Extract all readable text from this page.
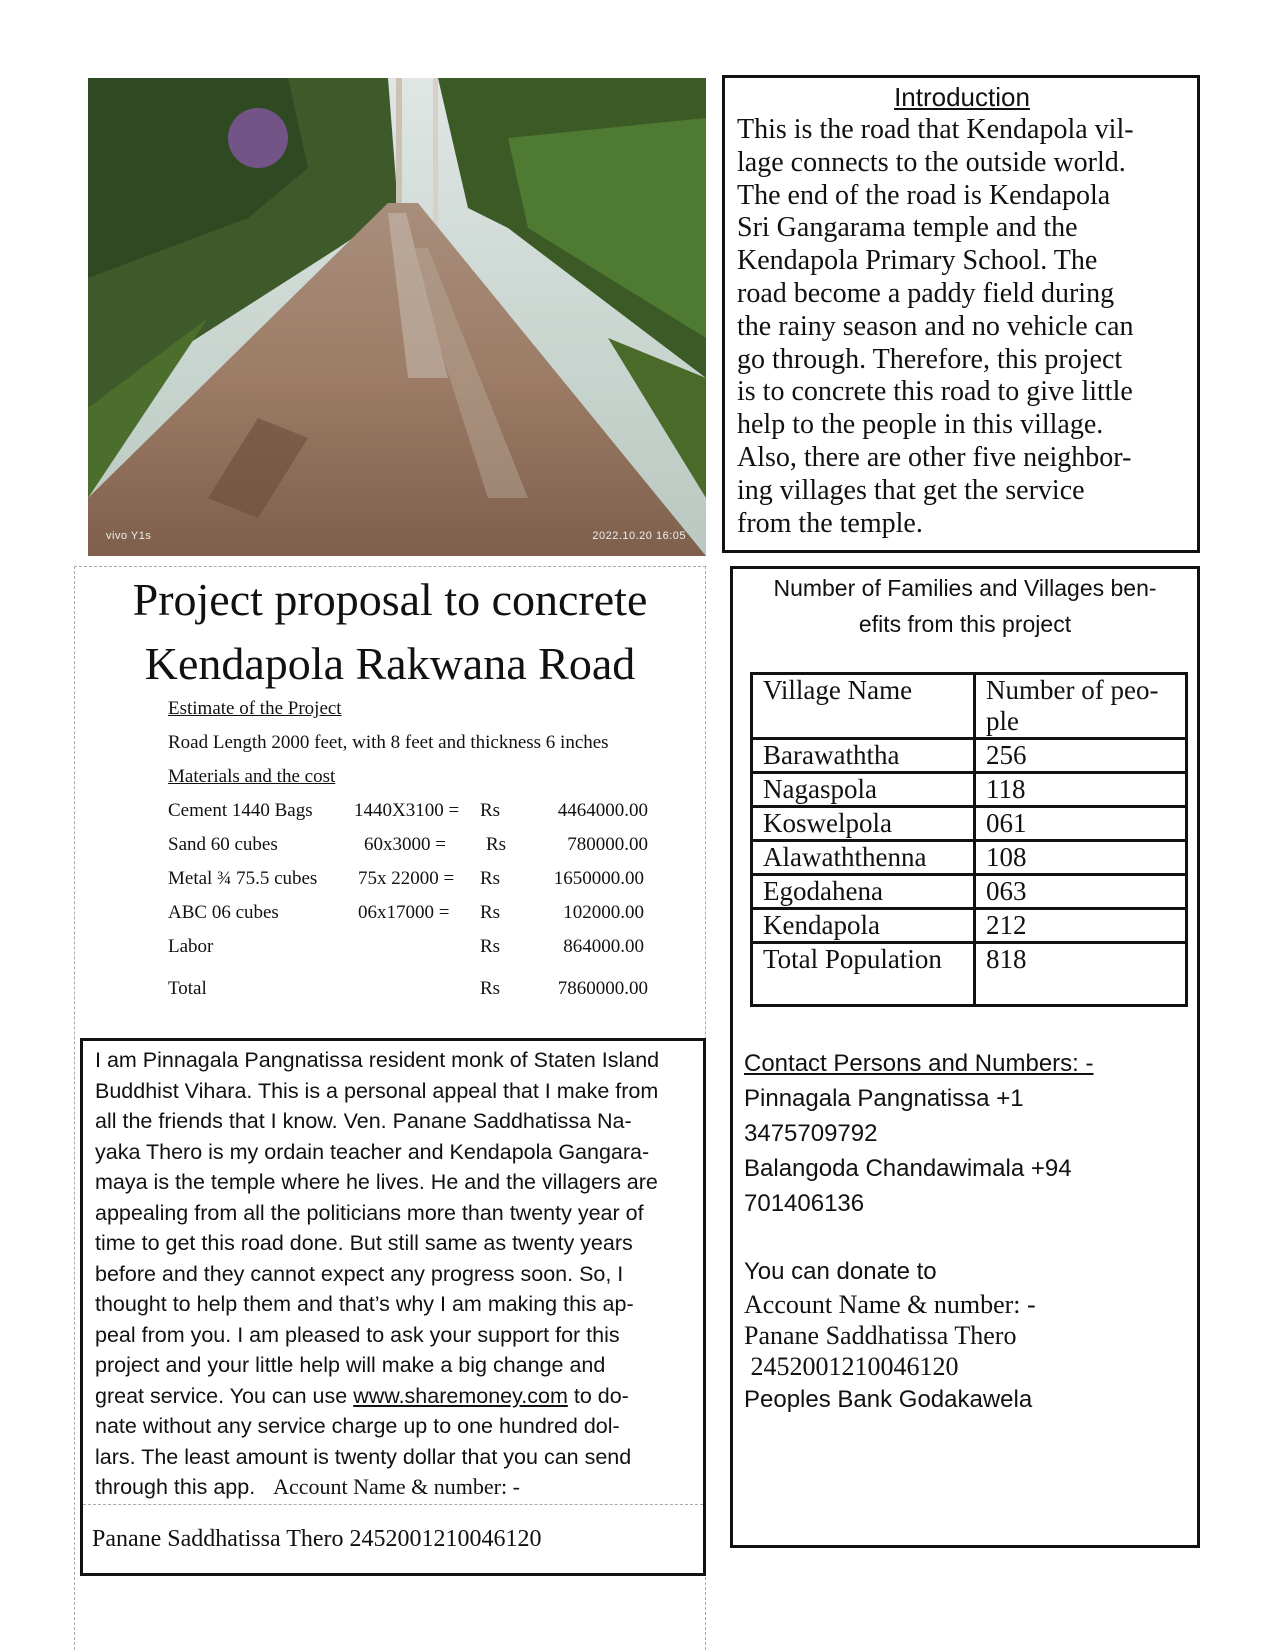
vivo Y1s	2022.10.20 16:05
Introduction

This is the road that Kendapola vil-
lage connects to the outside world.
The end of the road is Kendapola
Sri Gangarama temple and the
Kendapola Primary School. The
road become a paddy field during
the rainy season and no vehicle can
go through. Therefore, this project
is to concrete this road to give little
help to the people in this village.
Also, there are other five neighbor-
ing villages that get the service
from the temple.

Project proposal to concrete
Kendapola Rakwana Road
Estimate of the Project
Road Length 2000 feet, with 8 feet and thickness 6 inches
Materials and the cost
Cement 1440 Bags 1440X3100 = Rs	4464000.00
Sand 60 cubes	60x3000 = Rs	780000.00
Metal ¾ 75.5 cubes 75x 22000 = Rs	1650000.00
ABC 06 cubes	06x17000 = Rs	102000.00
Labor	Rs	864000.00
Total	Rs	7860000.00

I am Pinnagala Pangnatissa resident monk of Staten Island
Buddhist Vihara. This is a personal appeal that I make from
all the friends that I know. Ven. Panane Saddhatissa Na-
yaka Thero is my ordain teacher and Kendapola Gangara-
maya is the temple where he lives. He and the villagers are
appealing from all the politicians more than twenty year of
time to get this road done. But still same as twenty years
before and they cannot expect any progress soon. So, I
thought to help them and that’s why I am making this ap-
peal from you. I am pleased to ask your support for this
project and your little help will make a big change and
great service. You can use www.sharemoney.com to do-
nate without any service charge up to one hundred dol-
lars. The least amount is twenty dollar that you can send
through this app.   Account Name & number: -

Panane Saddhatissa Thero 2452001210046120
Number of Families and Villages ben-
efits from this project
Village Name	Number of peo-
ple
Barawaththa	256
Nagaspola	118
Koswelpola	061
Alawaththenna	108
Egodahena	063
Kendapola	212
Total Population	818
Contact Persons and Numbers: -
Pinnagala Pangnatissa +1
3475709792
Balangoda Chandawimala +94
701406136
You can donate to
Account Name & number: -
Panane Saddhatissa Thero
2452001210046120
Peoples Bank Godakawela
